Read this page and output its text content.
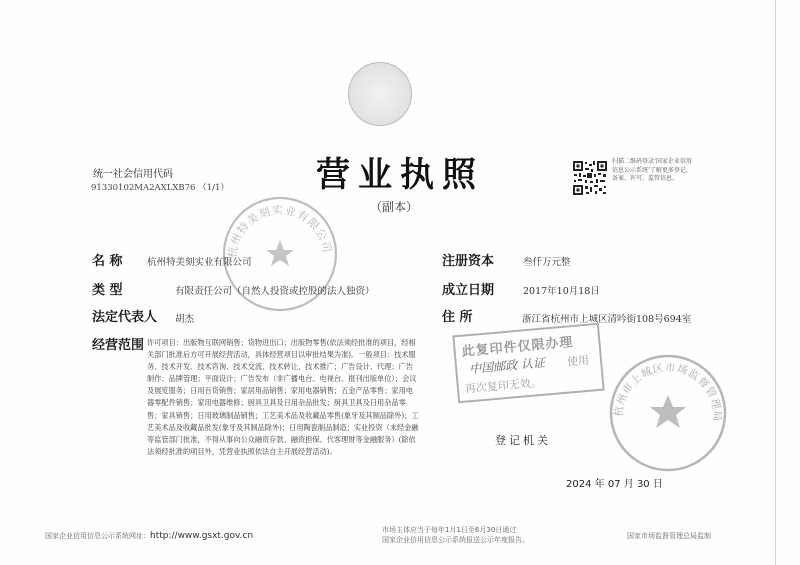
统一社会信用代码
91330102MA2AXLXB76 （1/1）	营业执照
（副本）
扫描二维码登录‘国家企业信用信息公示系统’了解更多登记、备案、许可、监管信息。
杭州特美刻实业有限公司
名 称	杭州特美刻实业有限公司
类 型	有限责任公司（自然人投资或控股的法人独资）
法定代表人 胡杰
经营范围 许可项目：出版物互联网销售；货物进出口；出版物零售(依法须经批准的项目，经相关部门批准后方可开展经营活动，具体经营项目以审批结果为准)。一般项目：技术服务、技术开发、技术咨询、技术交流、技术转让、技术推广；广告设计、代理；广告制作；品牌管理；平面设计；广告发布（非广播电台、电视台、报刊出版单位）；会议及展览服务；日用百货销售；家居用品销售；家用电器销售；五金产品零售；家用电器零配件销售；家用电器维修；厨具卫具及日用杂品批发；厨具卫具及日用杂品零售；家具销售；日用玻璃制品销售；工艺美术品及收藏品零售(象牙及其制品除外)；工艺美术品及收藏品批发(象牙及其制品除外)；日用陶瓷制品制造；实业投资（未经金融等监管部门批准，不得从事向公众融资存款、融资担保、代客理财等金融服务）(除依法须经批准的项目外，凭营业执照依法自主开展经营活动)。
注册资本	叁仟万元整
成立日期	2017年10月18日
住 所	浙江省杭州市上城区清吟街108号694室
此复印件仅限办理
中国邮政 认证 使用
再次复印无效。
杭州市上城区市场监督管理局
登记机关
2024 年 07 月 30 日
国家企业信用信息公示系统网址：http://www.gsxt.gov.cn
市场主体应当于每年1月1日至6月30日通过
国家企业信用信息公示系统报送公示年度报告。	国家市场监督管理总局监制
